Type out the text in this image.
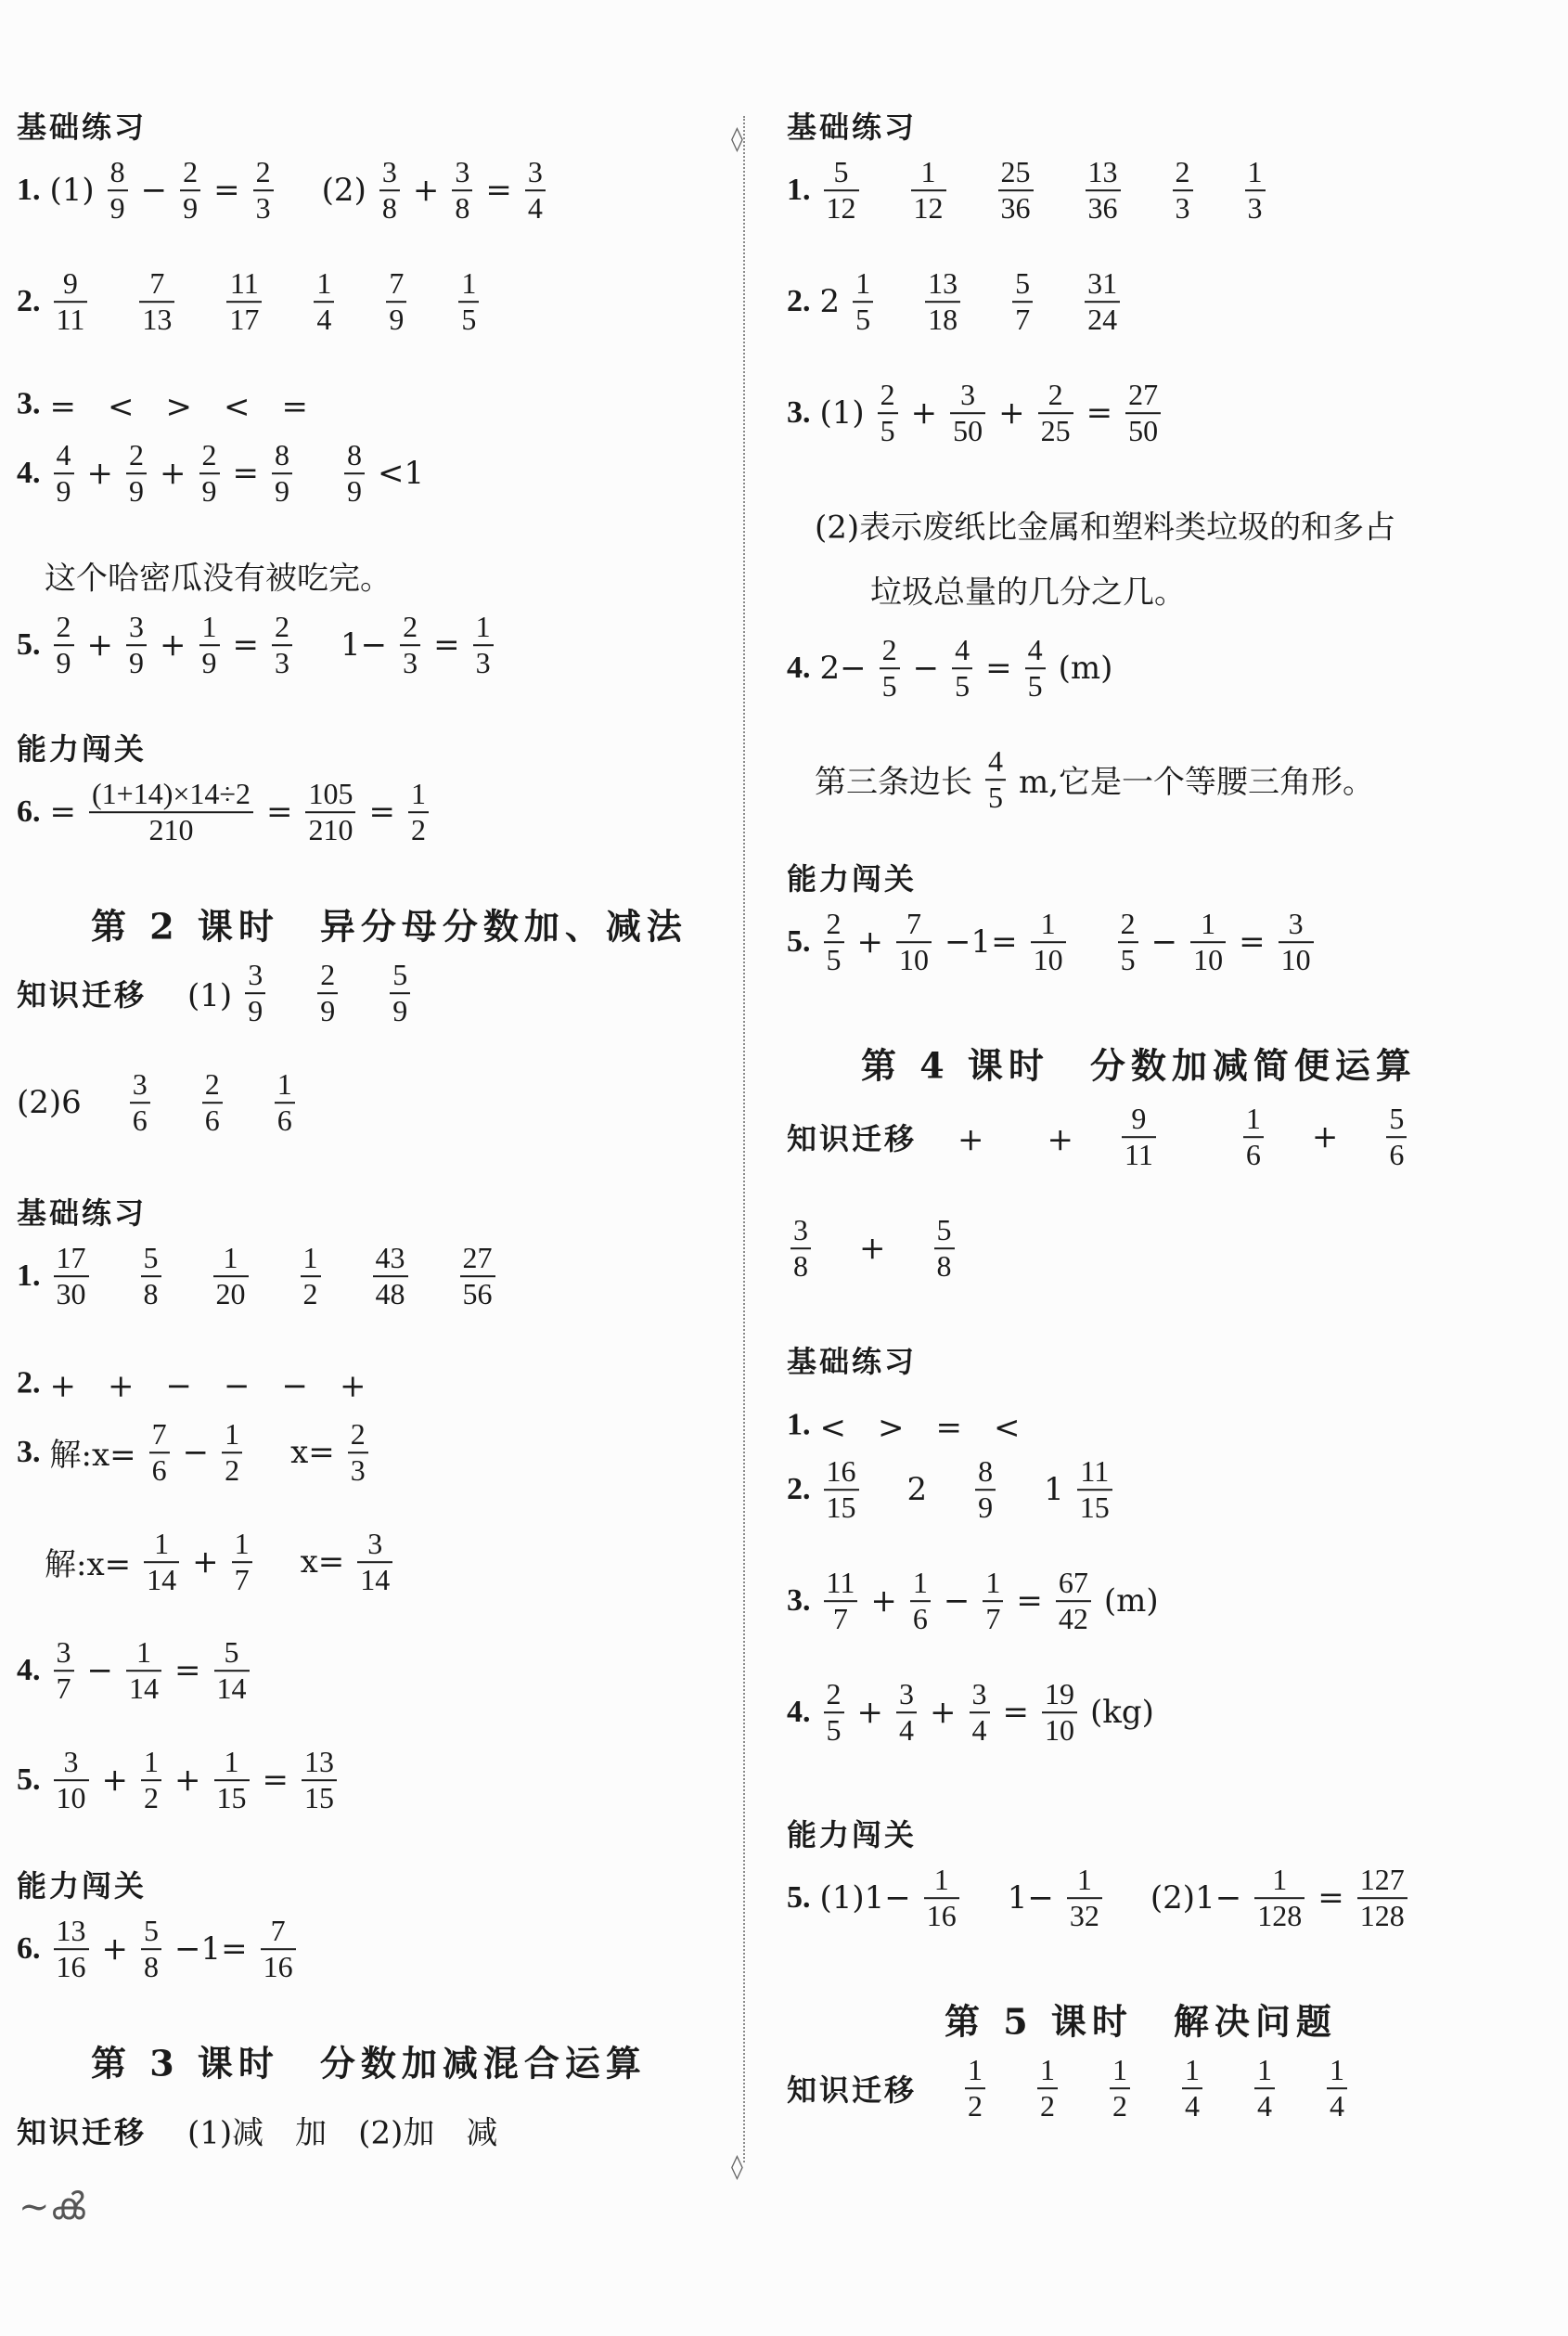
基础练习
1. $(1) \frac{8}{9} - \frac{2}{9} = \frac{2}{3} (2) \frac{3}{8} + \frac{3}{8} = \frac{3}{4}$
2. $\frac{9}{11} \frac{7}{13} \frac{11}{17} \frac{1}{4} \frac{7}{9} \frac{1}{5}$
3. =　<　>　<　=
4. $\frac{4}{9} + \frac{2}{9} + \frac{2}{9} = \frac{8}{9} \frac{8}{9} <1$
这个哈密瓜没有被吃完。
5. $\frac{2}{9} + \frac{3}{9} + \frac{1}{9} = \frac{2}{3} 1- \frac{2}{3} = \frac{1}{3}$
能力闯关
6. = $\frac{(1+14)\times 14\div 2}{210} = \frac{105}{210} = \frac{1}{2}$
第 2 课时　异分母分数加、减法
知识迁移 　$(1) \frac{3}{9} \frac{2}{9} \frac{5}{9}$
$(2)6 \frac{3}{6} \frac{2}{6} \frac{1}{6}$
基础练习
1. $\frac{17}{30} \frac{5}{8} \frac{1}{20} \frac{1}{2} \frac{43}{48} \frac{27}{56}$
2. +　+　−　−　−　+
3. 解:x= $\frac{7}{6} - \frac{1}{2} x= \frac{2}{3}$
解:x= $\frac{1}{14} + \frac{1}{7} x= \frac{3}{14}$
4. $\frac{3}{7} - \frac{1}{14} = \frac{5}{14}$
5. $\frac{3}{10} + \frac{1}{2} + \frac{1}{15} = \frac{13}{15}$
能力闯关
6. $\frac{13}{16} + \frac{5}{8} -1= \frac{7}{16}$
第 3 课时　分数加减混合运算
知识迁移 　(1)减　加　(2)加　减
◊
◊
基础练习
1. $\frac{5}{12} \frac{1}{12} \frac{25}{36} \frac{13}{36} \frac{2}{3} \frac{1}{3}$
2. $2 \frac{1}{5} \frac{13}{18} \frac{5}{7} \frac{31}{24}$
3. $(1) \frac{2}{5} + \frac{3}{50} + \frac{2}{25} = \frac{27}{50}$
(2)表示废纸比金属和塑料类垃圾的和多占
垃圾总量的几分之几。
4. $2- \frac{2}{5} - \frac{4}{5} = \frac{4}{5} (m)$
第三条边长 $\frac{4}{5} m$,它是一个等腰三角形。
能力闯关
5. $\frac{2}{5} + \frac{7}{10} -1= \frac{1}{10} \frac{2}{5} - \frac{1}{10} = \frac{3}{10}$
第 4 课时　分数加减简便运算
知识迁移 　+　　+ $\frac{9}{11}$	$\frac{1}{6} + \frac{5}{6}$
$\frac{3}{8} + \frac{5}{8}$
基础练习
1. <　>　=　<
2. $\frac{16}{15} 2 \frac{8}{9} 1 \frac{11}{15}$
3. $\frac{11}{7} + \frac{1}{6} - \frac{1}{7} = \frac{67}{42} (m)$
4. $\frac{2}{5} + \frac{3}{4} + \frac{3}{4} = \frac{19}{10} (kg)$
能力闯关
5. $(1)1- \frac{1}{16} 1- \frac{1}{32} (2)1- \frac{1}{128} = \frac{127}{128}$
第 5 课时　解决问题
知识迁移 $\frac{1}{2} \frac{1}{2} \frac{1}{2} \frac{1}{4} \frac{1}{4} \frac{1}{4}$
~ൿ
